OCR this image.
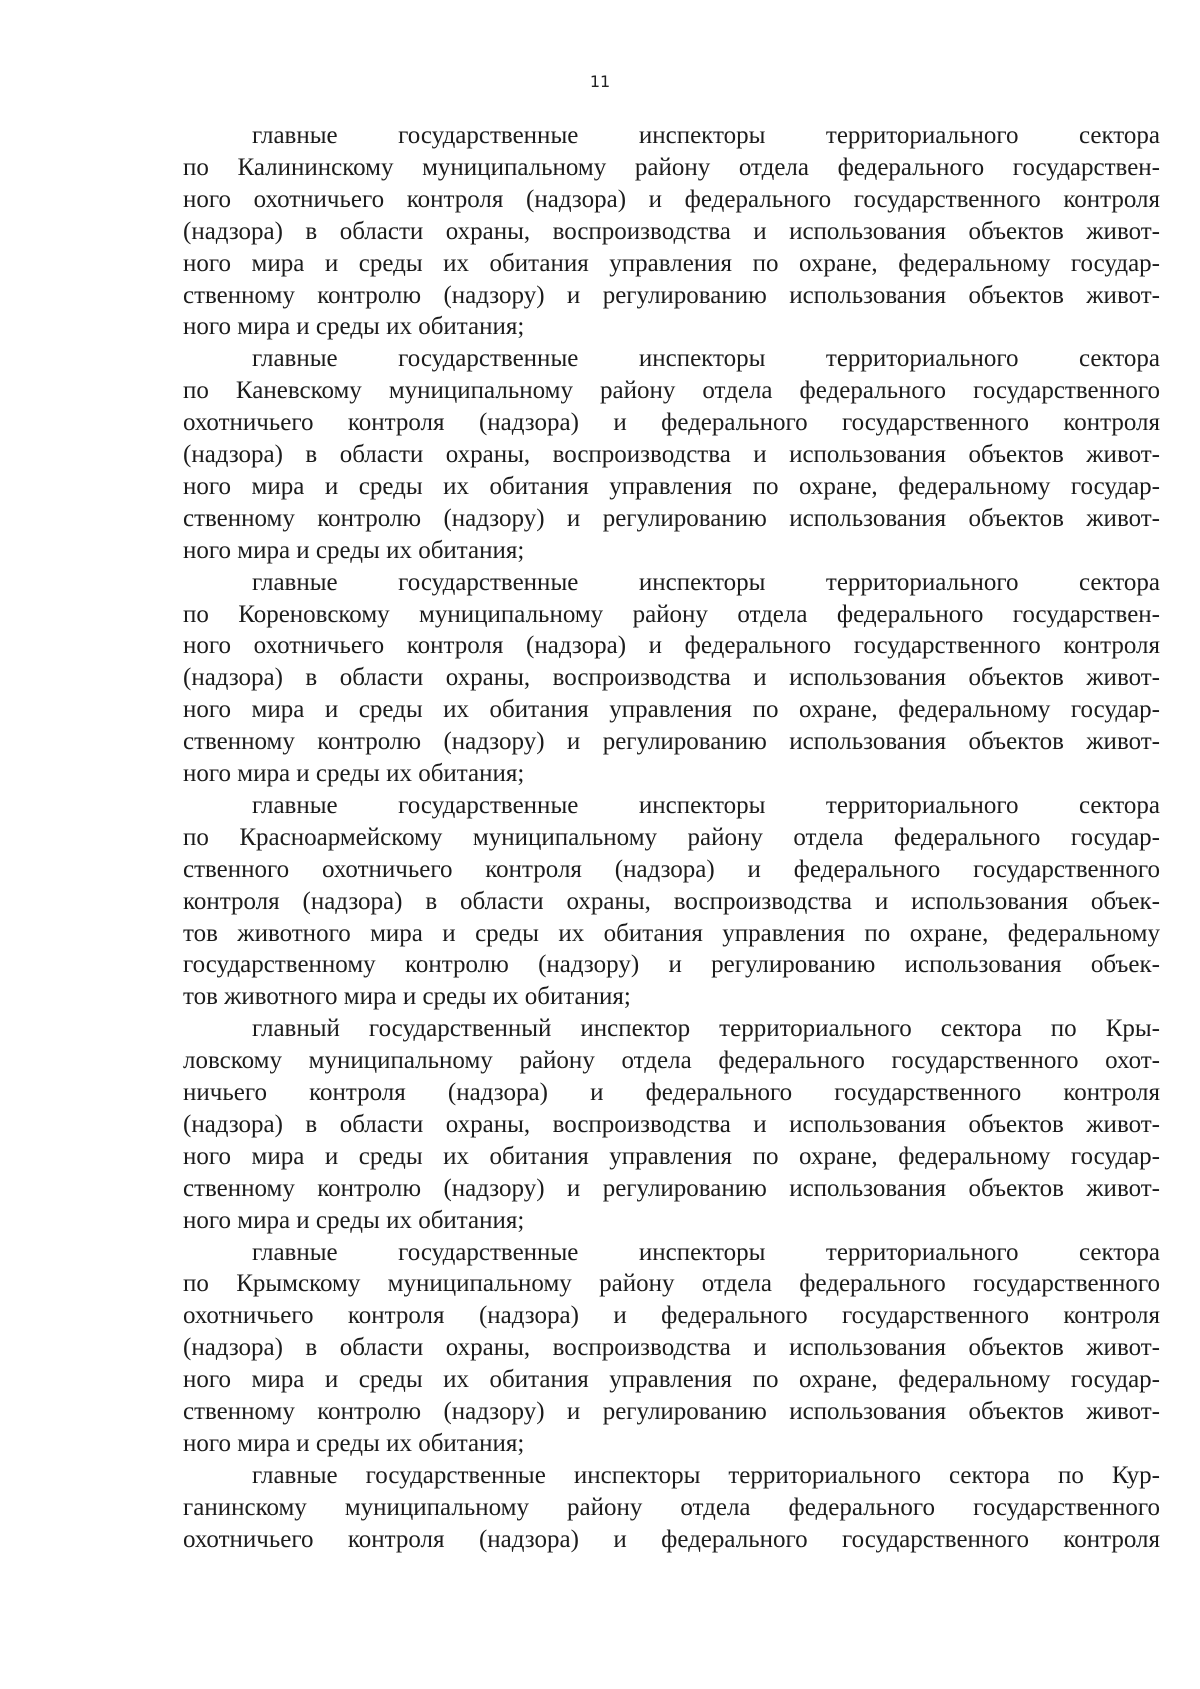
11
главные государственные инспекторы территориального сектора
по Калининскому муниципальному району отдела федерального государствен-
ного охотничьего контроля (надзора) и федерального государственного контроля
(надзора) в области охраны, воспроизводства и использования объектов живот-
ного мира и среды их обитания управления по охране, федеральному государ-
ственному контролю (надзору) и регулированию использования объектов живот-
ного мира и среды их обитания;
главные государственные инспекторы территориального сектора
по Каневскому муниципальному району отдела федерального государственного
охотничьего контроля (надзора) и федерального государственного контроля
(надзора) в области охраны, воспроизводства и использования объектов живот-
ного мира и среды их обитания управления по охране, федеральному государ-
ственному контролю (надзору) и регулированию использования объектов живот-
ного мира и среды их обитания;
главные государственные инспекторы территориального сектора
по Кореновскому муниципальному району отдела федерального государствен-
ного охотничьего контроля (надзора) и федерального государственного контроля
(надзора) в области охраны, воспроизводства и использования объектов живот-
ного мира и среды их обитания управления по охране, федеральному государ-
ственному контролю (надзору) и регулированию использования объектов живот-
ного мира и среды их обитания;
главные государственные инспекторы территориального сектора
по Красноармейскому муниципальному району отдела федерального государ-
ственного охотничьего контроля (надзора) и федерального государственного
контроля (надзора) в области охраны, воспроизводства и использования объек-
тов животного мира и среды их обитания управления по охране, федеральному
государственному контролю (надзору) и регулированию использования объек-
тов животного мира и среды их обитания;
главный государственный инспектор территориального сектора по Кры-
ловскому муниципальному району отдела федерального государственного охот-
ничьего контроля (надзора) и федерального государственного контроля
(надзора) в области охраны, воспроизводства и использования объектов живот-
ного мира и среды их обитания управления по охране, федеральному государ-
ственному контролю (надзору) и регулированию использования объектов живот-
ного мира и среды их обитания;
главные государственные инспекторы территориального сектора
по Крымскому муниципальному району отдела федерального государственного
охотничьего контроля (надзора) и федерального государственного контроля
(надзора) в области охраны, воспроизводства и использования объектов живот-
ного мира и среды их обитания управления по охране, федеральному государ-
ственному контролю (надзору) и регулированию использования объектов живот-
ного мира и среды их обитания;
главные государственные инспекторы территориального сектора по Кур-
ганинскому муниципальному району отдела федерального государственного
охотничьего контроля (надзора) и федерального государственного контроля
